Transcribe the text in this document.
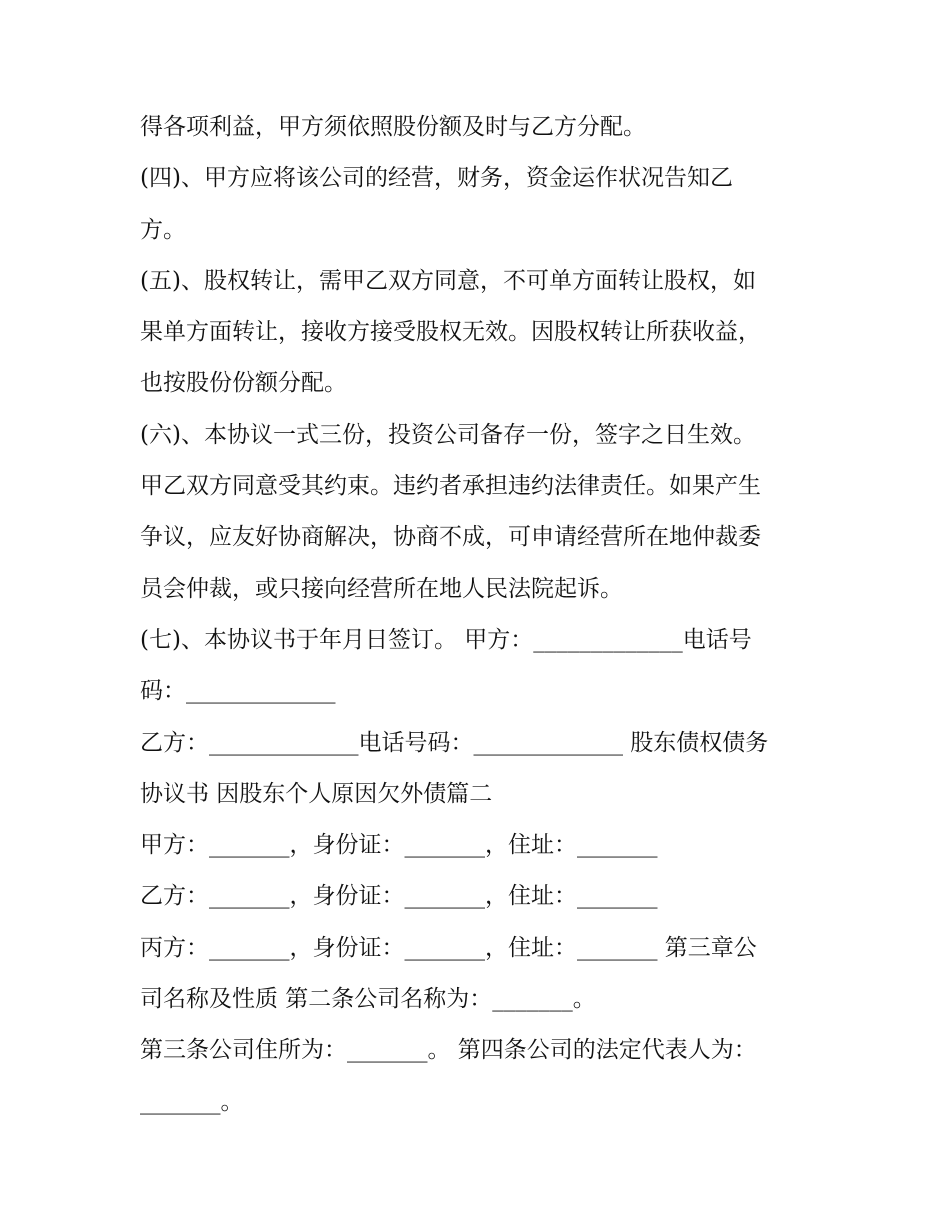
得各项利益，甲方须依照股份额及时与乙方分配。
(四)、甲方应将该公司的经营，财务，资金运作状况告知乙
方。
(五)、股权转让，需甲乙双方同意，不可单方面转让股权，如
果单方面转让，接收方接受股权无效。因股权转让所获收益，
也按股份份额分配。
(六)、本协议一式三份，投资公司备存一份，签字之日生效。
甲乙双方同意受其约束。违约者承担违约法律责任。如果产生
争议，应友好协商解决，协商不成，可申请经营所在地仲裁委
员会仲裁，或只接向经营所在地人民法院起诉。
(七)、本协议书于年月日签订。 甲方：_____________电话号
码：_____________
乙方：_____________电话号码：_____________ 股东债权债务
协议书 因股东个人原因欠外债篇二
甲方：_______，身份证：_______，住址：_______
乙方：_______，身份证：_______，住址：_______
丙方：_______，身份证：_______，住址：_______ 第三章公
司名称及性质 第二条公司名称为：_______。
第三条公司住所为：_______。 第四条公司的法定代表人为：
_______。
